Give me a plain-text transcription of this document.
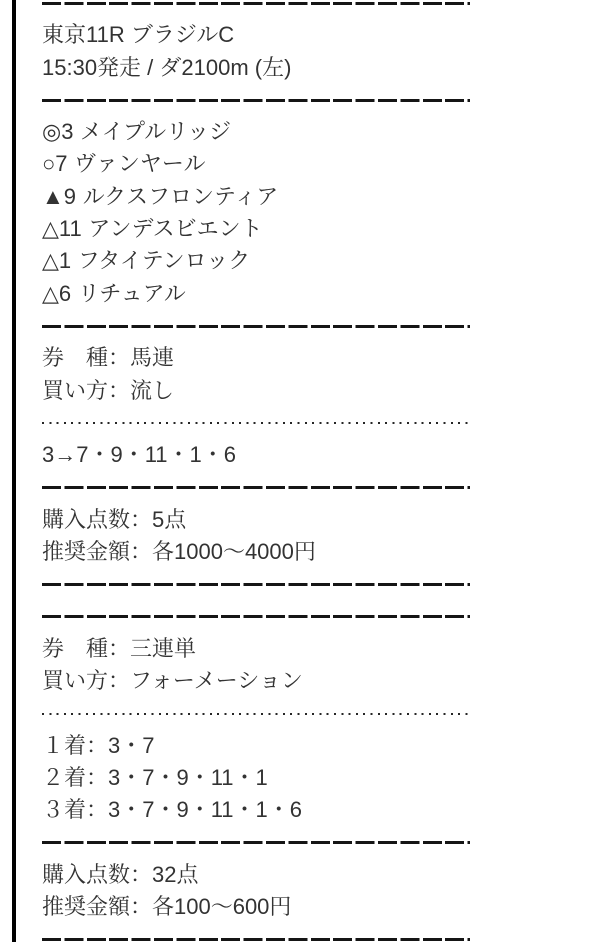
東京11R ブラジルC
15:30発走 / ダ2100m (左)
◎3 メイプルリッジ
○7 ヴァンヤール
▲9 ルクスフロンティア
△11 アンデスビエント
△1 フタイテンロック
△6 リチュアル
券　種：馬連
買い方：流し
3→7・9・11・1・6
購入点数：5点
推奨金額：各1000〜4000円
券　種：三連単
買い方：フォーメーション
１着：3・7
２着：3・7・9・11・1
３着：3・7・9・11・1・6
購入点数：32点
推奨金額：各100〜600円
